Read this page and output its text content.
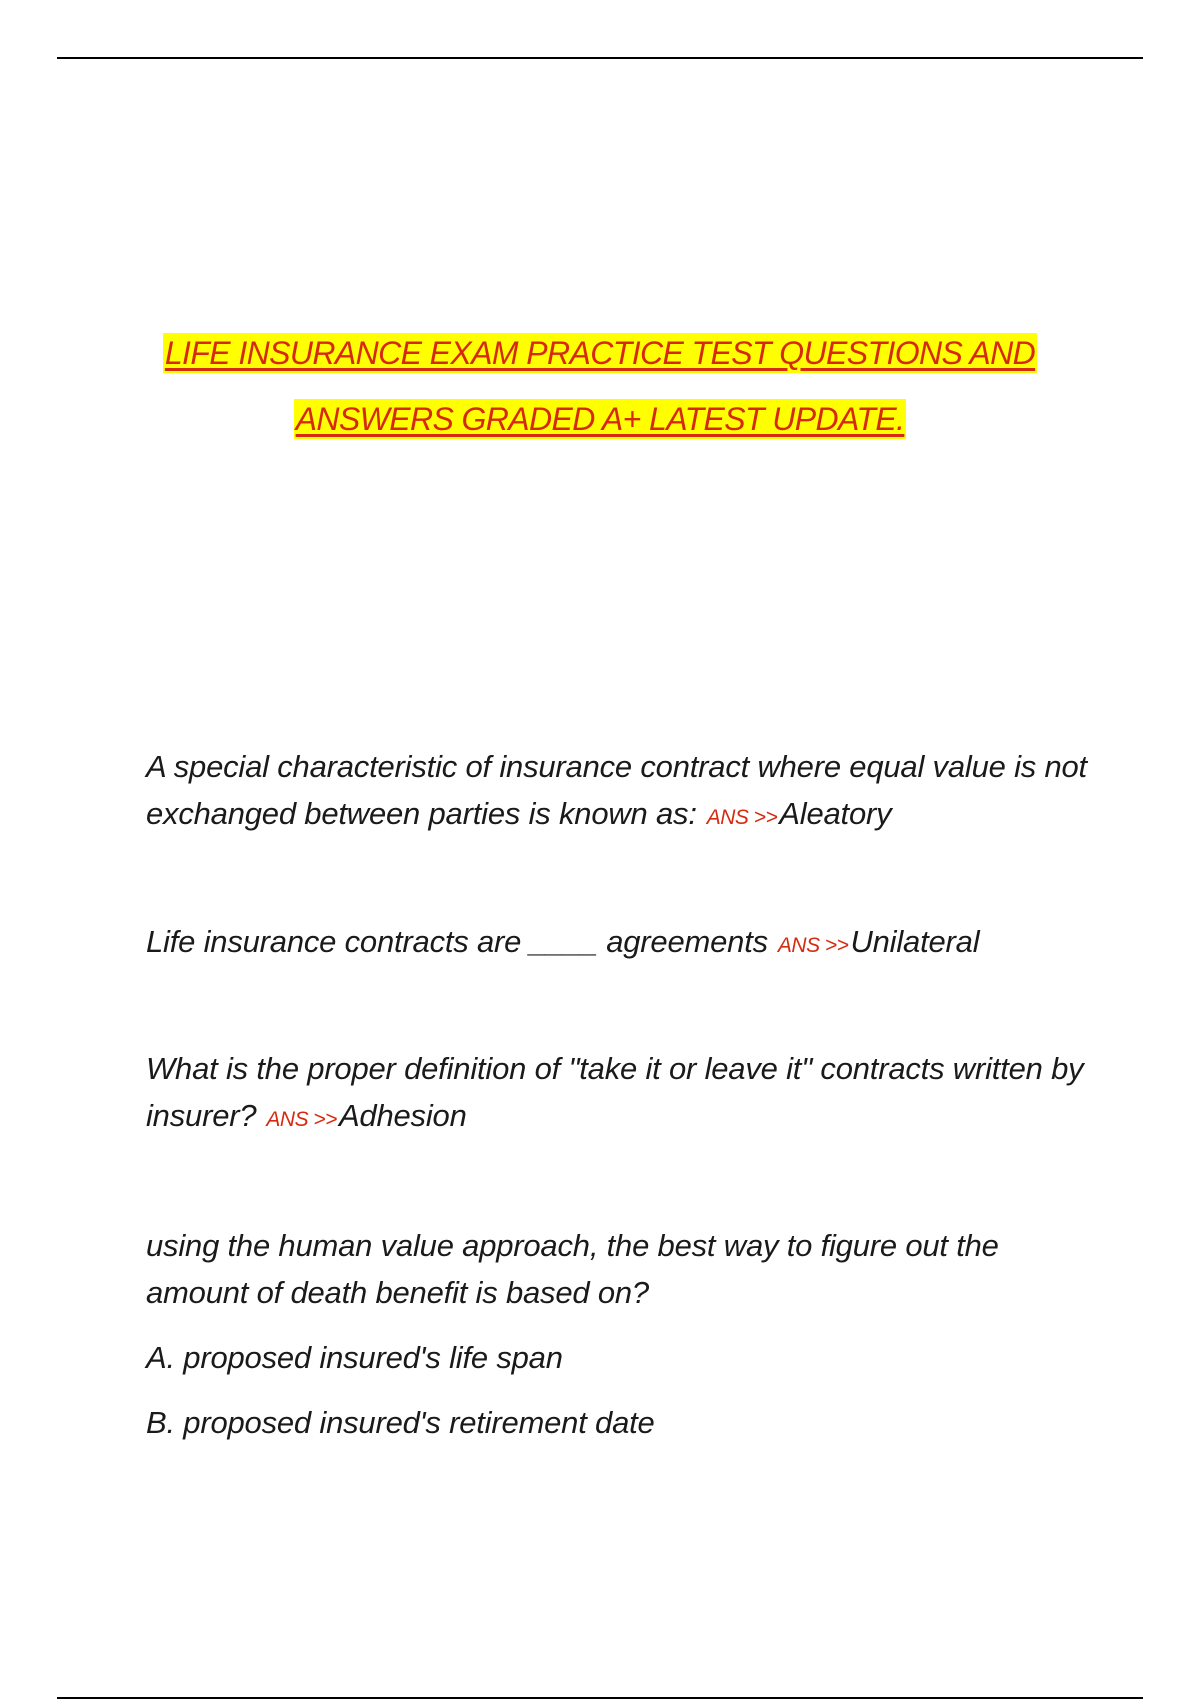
LIFE INSURANCE EXAM PRACTICE TEST QUESTIONS AND
ANSWERS GRADED A+ LATEST UPDATE.
A special characteristic of insurance contract where equal value is not exchanged between parties is known as: ANS >>Aleatory
Life insurance contracts are ____ agreements ANS >>Unilateral
What is the proper definition of "take it or leave it" contracts written by insurer? ANS >>Adhesion
using the human value approach, the best way to figure out the amount of death benefit is based on?
A. proposed insured's life span
B. proposed insured's retirement date
